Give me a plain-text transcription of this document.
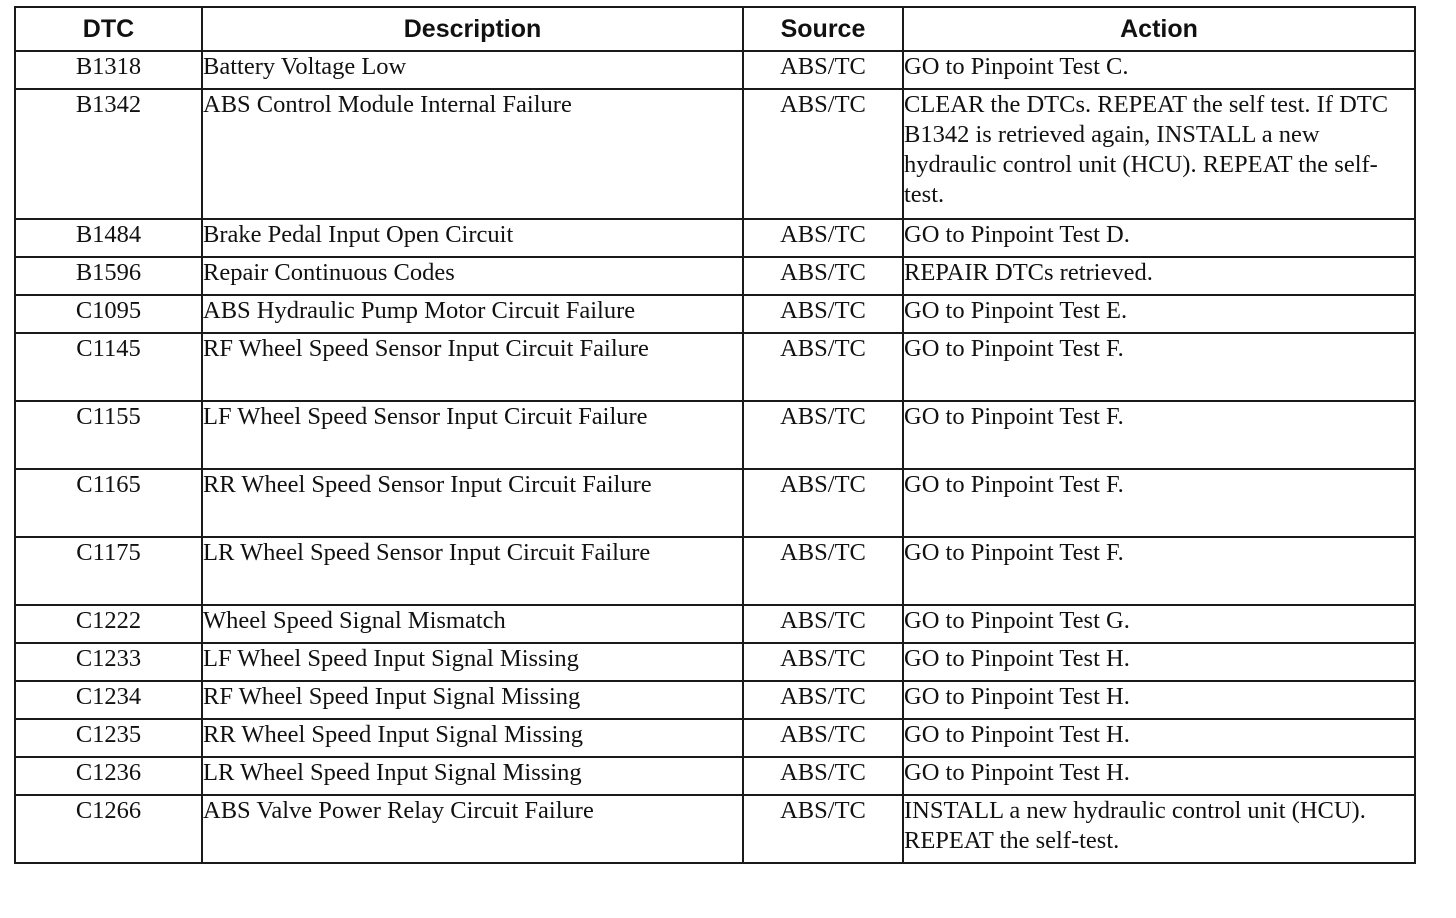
DTC	Description	Source	Action
B1318	Battery Voltage Low	ABS/TC	GO to Pinpoint Test C.
B1342	ABS Control Module Internal Failure	ABS/TC	CLEAR the DTCs. REPEAT the self test. If DTC B1342 is retrieved again, INSTALL a new hydraulic control unit (HCU). REPEAT the self-test.
B1484	Brake Pedal Input Open Circuit	ABS/TC	GO to Pinpoint Test D.
B1596	Repair Continuous Codes	ABS/TC	REPAIR DTCs retrieved.
C1095	ABS Hydraulic Pump Motor Circuit Failure	ABS/TC	GO to Pinpoint Test E.
C1145	RF Wheel Speed Sensor Input Circuit Failure	ABS/TC	GO to Pinpoint Test F.
C1155	LF Wheel Speed Sensor Input Circuit Failure	ABS/TC	GO to Pinpoint Test F.
C1165	RR Wheel Speed Sensor Input Circuit Failure	ABS/TC	GO to Pinpoint Test F.
C1175	LR Wheel Speed Sensor Input Circuit Failure	ABS/TC	GO to Pinpoint Test F.
C1222	Wheel Speed Signal Mismatch	ABS/TC	GO to Pinpoint Test G.
C1233	LF Wheel Speed Input Signal Missing	ABS/TC	GO to Pinpoint Test H.
C1234	RF Wheel Speed Input Signal Missing	ABS/TC	GO to Pinpoint Test H.
C1235	RR Wheel Speed Input Signal Missing	ABS/TC	GO to Pinpoint Test H.
C1236	LR Wheel Speed Input Signal Missing	ABS/TC	GO to Pinpoint Test H.
C1266	ABS Valve Power Relay Circuit Failure	ABS/TC	INSTALL a new hydraulic control unit (HCU). REPEAT the self-test.
